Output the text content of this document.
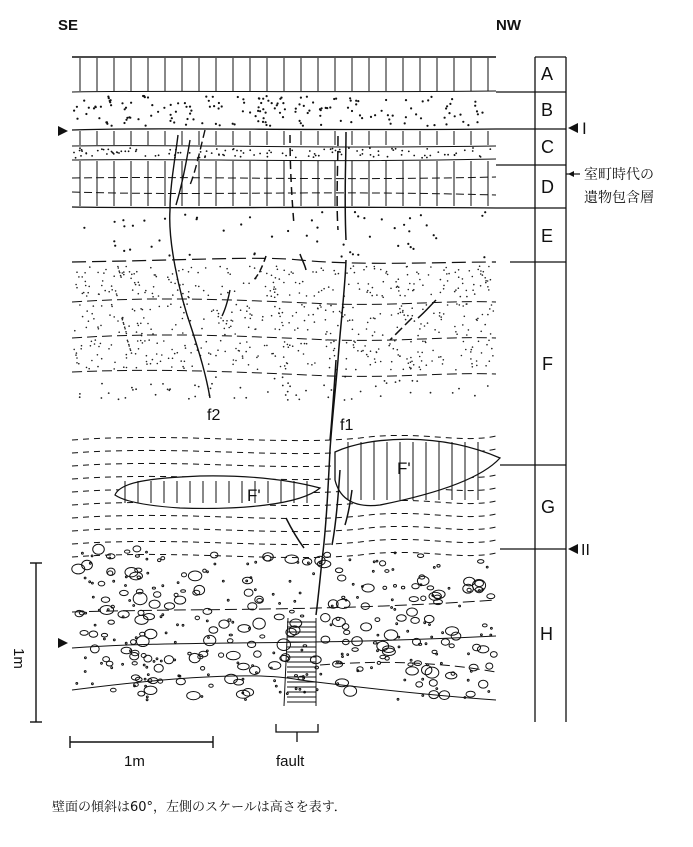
SE	NW
F'
F'
f2
f1
A
B
C
D
E
F
G
H
I
II
室町時代の
遺物包含層
1m
1m	fault
壁面の傾斜は60°，左側のスケールは高さを表す．
